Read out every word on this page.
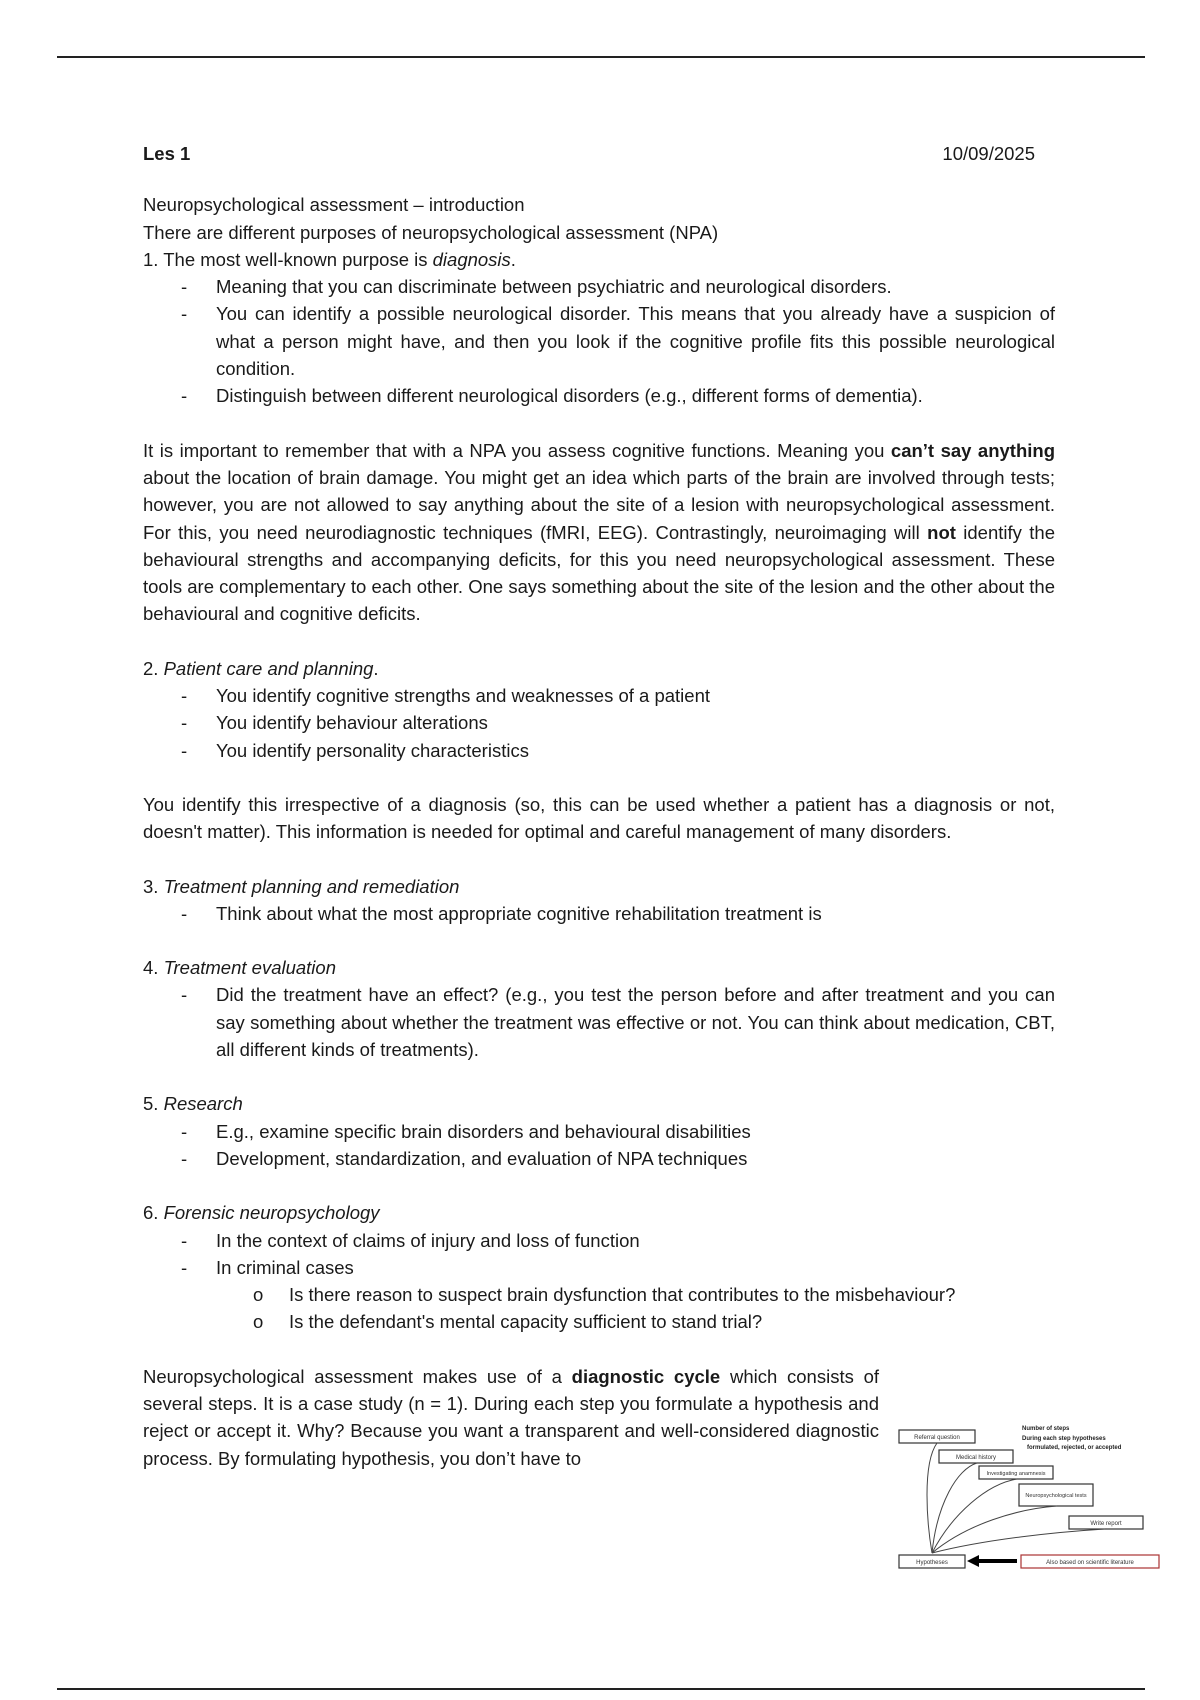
Les 1	10/09/2025

Neuropsychological assessment – introduction

There are different purposes of neuropsychological assessment (NPA)

1. The most well-known purpose is diagnosis.

- Meaning that you can discriminate between psychiatric and neurological disorders.
- You can identify a possible neurological disorder. This means that you already have a suspicion of what a person might have, and then you look if the cognitive profile fits this possible neurological condition.
- Distinguish between different neurological disorders (e.g., different forms of dementia).

It is important to remember that with a NPA you assess cognitive functions. Meaning you can’t say anything about the location of brain damage. You might get an idea which parts of the brain are involved through tests; however, you are not allowed to say anything about the site of a lesion with neuropsychological assessment. For this, you need neurodiagnostic techniques (fMRI, EEG). Contrastingly, neuroimaging will not identify the behavioural strengths and accompanying deficits, for this you need neuropsychological assessment. These tools are complementary to each other. One says something about the site of the lesion and the other about the behavioural and cognitive deficits.

2. Patient care and planning.

- You identify cognitive strengths and weaknesses of a patient
- You identify behaviour alterations
- You identify personality characteristics

You identify this irrespective of a diagnosis (so, this can be used whether a patient has a diagnosis or not, doesn't matter). This information is needed for optimal and careful management of many disorders.

3. Treatment planning and remediation

- Think about what the most appropriate cognitive rehabilitation treatment is

4. Treatment evaluation

- Did the treatment have an effect? (e.g., you test the person before and after treatment and you can say something about whether the treatment was effective or not. You can think about medication, CBT, all different kinds of treatments).

5. Research

- E.g., examine specific brain disorders and behavioural disabilities
- Development, standardization, and evaluation of NPA techniques

6. Forensic neuropsychology

- In the context of claims of injury and loss of function
- In criminal cases
o Is there reason to suspect brain dysfunction that contributes to the misbehaviour?
o Is the defendant's mental capacity sufficient to stand trial?

Neuropsychological assessment makes use of a diagnostic cycle which consists of several steps. It is a case study (n = 1). During each step you formulate a hypothesis and reject or accept it. Why? Because you want a transparent and well-considered diagnostic process. By formulating hypothesis, you don’t have to

Referral question
Medical history
Investigating anamnesis
Neuropsychological tests
Write report
Hypotheses	Also based on scientific literature
Number of steps
During each step hypotheses
formulated, rejected, or accepted
